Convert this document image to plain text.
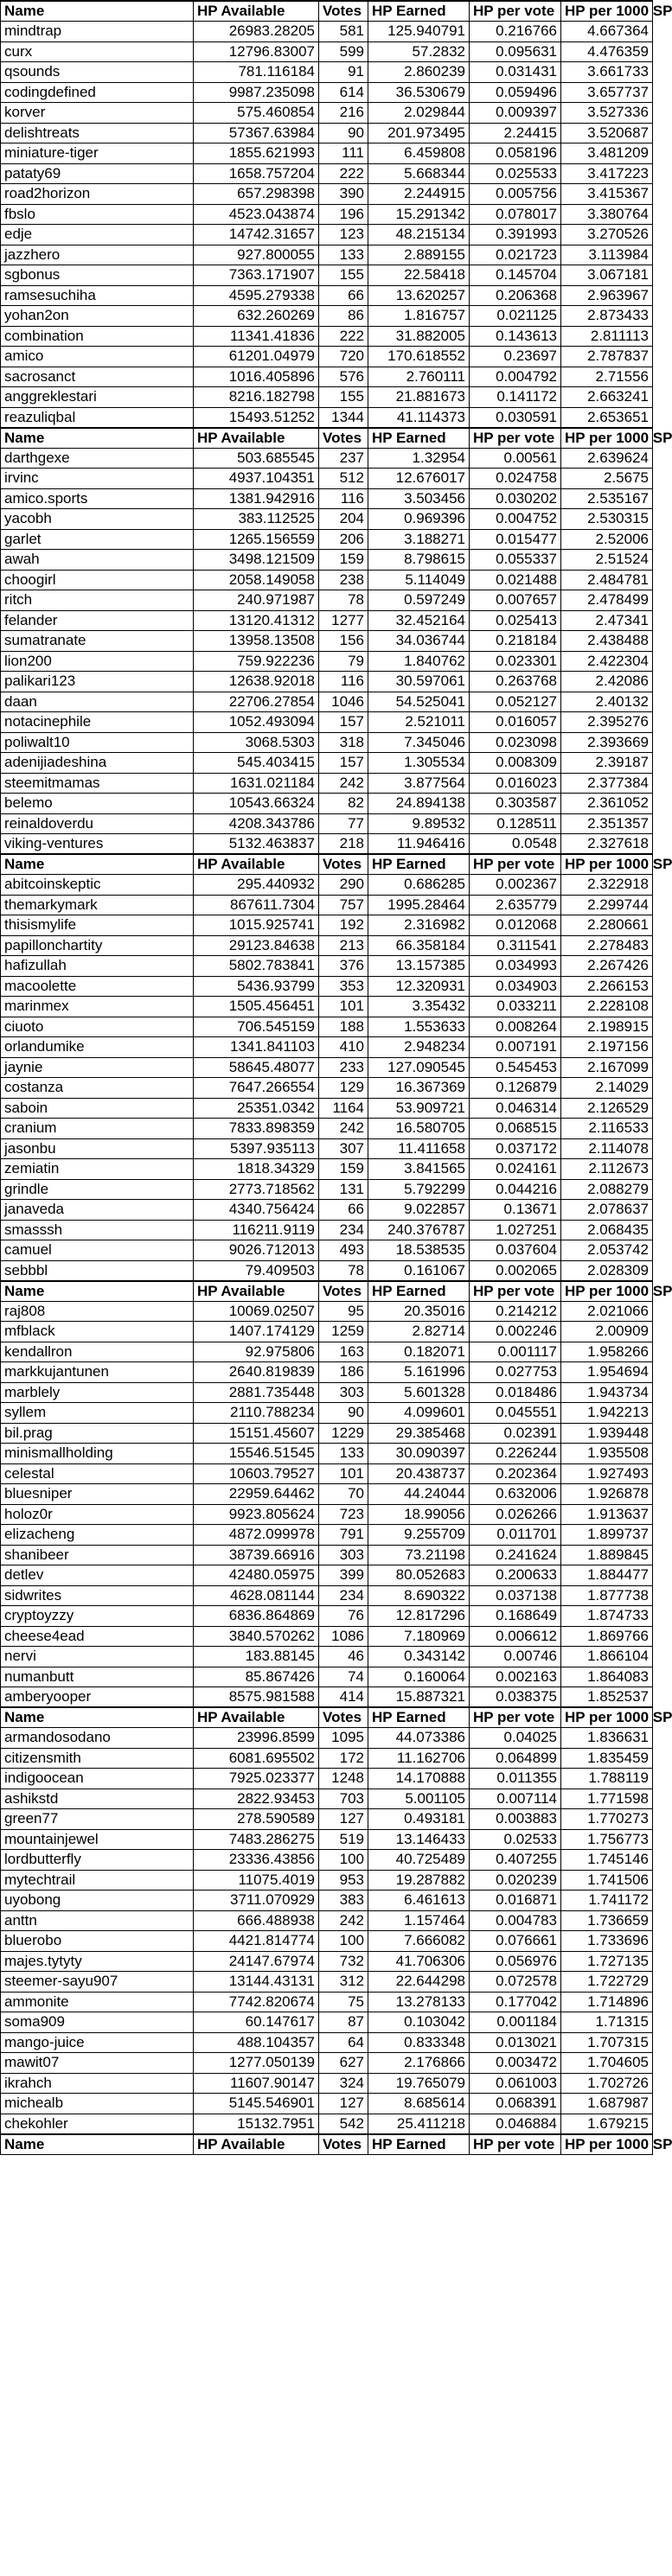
Name	HP Available	Votes	HP Earned	HP per vote	HP per 1000 SP
mindtrap	26983.28205	581	125.940791	0.216766	4.667364
curx	12796.83007	599	57.2832	0.095631	4.476359
qsounds	781.116184	91	2.860239	0.031431	3.661733
codingdefined	9987.235098	614	36.530679	0.059496	3.657737
korver	575.460854	216	2.029844	0.009397	3.527336
delishtreats	57367.63984	90	201.973495	2.24415	3.520687
miniature-tiger	1855.621993	111	6.459808	0.058196	3.481209
pataty69	1658.757204	222	5.668344	0.025533	3.417223
road2horizon	657.298398	390	2.244915	0.005756	3.415367
fbslo	4523.043874	196	15.291342	0.078017	3.380764
edje	14742.31657	123	48.215134	0.391993	3.270526
jazzhero	927.800055	133	2.889155	0.021723	3.113984
sgbonus	7363.171907	155	22.58418	0.145704	3.067181
ramsesuchiha	4595.279338	66	13.620257	0.206368	2.963967
yohan2on	632.260269	86	1.816757	0.021125	2.873433
combination	11341.41836	222	31.882005	0.143613	2.811113
amico	61201.04979	720	170.618552	0.23697	2.787837
sacrosanct	1016.405896	576	2.760111	0.004792	2.71556
anggreklestari	8216.182798	155	21.881673	0.141172	2.663241
reazuliqbal	15493.51252	1344	41.114373	0.030591	2.653651
Name	HP Available	Votes	HP Earned	HP per vote	HP per 1000 SP
darthgexe	503.685545	237	1.32954	0.00561	2.639624
irvinc	4937.104351	512	12.676017	0.024758	2.5675
amico.sports	1381.942916	116	3.503456	0.030202	2.535167
yacobh	383.112525	204	0.969396	0.004752	2.530315
garlet	1265.156559	206	3.188271	0.015477	2.52006
awah	3498.121509	159	8.798615	0.055337	2.51524
choogirl	2058.149058	238	5.114049	0.021488	2.484781
ritch	240.971987	78	0.597249	0.007657	2.478499
felander	13120.41312	1277	32.452164	0.025413	2.47341
sumatranate	13958.13508	156	34.036744	0.218184	2.438488
lion200	759.922236	79	1.840762	0.023301	2.422304
palikari123	12638.92018	116	30.597061	0.263768	2.42086
daan	22706.27854	1046	54.525041	0.052127	2.40132
notacinephile	1052.493094	157	2.521011	0.016057	2.395276
poliwalt10	3068.5303	318	7.345046	0.023098	2.393669
adenijiadeshina	545.403415	157	1.305534	0.008309	2.39187
steemitmamas	1631.021184	242	3.877564	0.016023	2.377384
belemo	10543.66324	82	24.894138	0.303587	2.361052
reinaldoverdu	4208.343786	77	9.89532	0.128511	2.351357
viking-ventures	5132.463837	218	11.946416	0.0548	2.327618
Name	HP Available	Votes	HP Earned	HP per vote	HP per 1000 SP
abitcoinskeptic	295.440932	290	0.686285	0.002367	2.322918
themarkymark	867611.7304	757	1995.28464	2.635779	2.299744
thisismylife	1015.925741	192	2.316982	0.012068	2.280661
papillonchartity	29123.84638	213	66.358184	0.311541	2.278483
hafizullah	5802.783841	376	13.157385	0.034993	2.267426
macoolette	5436.93799	353	12.320931	0.034903	2.266153
marinmex	1505.456451	101	3.35432	0.033211	2.228108
ciuoto	706.545159	188	1.553633	0.008264	2.198915
orlandumike	1341.841103	410	2.948234	0.007191	2.197156
jaynie	58645.48077	233	127.090545	0.545453	2.167099
costanza	7647.266554	129	16.367369	0.126879	2.14029
saboin	25351.0342	1164	53.909721	0.046314	2.126529
cranium	7833.898359	242	16.580705	0.068515	2.116533
jasonbu	5397.935113	307	11.411658	0.037172	2.114078
zemiatin	1818.34329	159	3.841565	0.024161	2.112673
grindle	2773.718562	131	5.792299	0.044216	2.088279
janaveda	4340.756424	66	9.022857	0.13671	2.078637
smasssh	116211.9119	234	240.376787	1.027251	2.068435
camuel	9026.712013	493	18.538535	0.037604	2.053742
sebbbl	79.409503	78	0.161067	0.002065	2.028309
Name	HP Available	Votes	HP Earned	HP per vote	HP per 1000 SP
raj808	10069.02507	95	20.35016	0.214212	2.021066
mfblack	1407.174129	1259	2.82714	0.002246	2.00909
kendallron	92.975806	163	0.182071	0.001117	1.958266
markkujantunen	2640.819839	186	5.161996	0.027753	1.954694
marblely	2881.735448	303	5.601328	0.018486	1.943734
syllem	2110.788234	90	4.099601	0.045551	1.942213
bil.prag	15151.45607	1229	29.385468	0.02391	1.939448
minismallholding	15546.51545	133	30.090397	0.226244	1.935508
celestal	10603.79527	101	20.438737	0.202364	1.927493
bluesniper	22959.64462	70	44.24044	0.632006	1.926878
holoz0r	9923.805624	723	18.99056	0.026266	1.913637
elizacheng	4872.099978	791	9.255709	0.011701	1.899737
shanibeer	38739.66916	303	73.21198	0.241624	1.889845
detlev	42480.05975	399	80.052683	0.200633	1.884477
sidwrites	4628.081144	234	8.690322	0.037138	1.877738
cryptoyzzy	6836.864869	76	12.817296	0.168649	1.874733
cheese4ead	3840.570262	1086	7.180969	0.006612	1.869766
nervi	183.88145	46	0.343142	0.00746	1.866104
numanbutt	85.867426	74	0.160064	0.002163	1.864083
amberyooper	8575.981588	414	15.887321	0.038375	1.852537
Name	HP Available	Votes	HP Earned	HP per vote	HP per 1000 SP
armandosodano	23996.8599	1095	44.073386	0.04025	1.836631
citizensmith	6081.695502	172	11.162706	0.064899	1.835459
indigoocean	7925.023377	1248	14.170888	0.011355	1.788119
ashikstd	2822.93453	703	5.001105	0.007114	1.771598
green77	278.590589	127	0.493181	0.003883	1.770273
mountainjewel	7483.286275	519	13.146433	0.02533	1.756773
lordbutterfly	23336.43856	100	40.725489	0.407255	1.745146
mytechtrail	11075.4019	953	19.287882	0.020239	1.741506
uyobong	3711.070929	383	6.461613	0.016871	1.741172
anttn	666.488938	242	1.157464	0.004783	1.736659
bluerobo	4421.814774	100	7.666082	0.076661	1.733696
majes.tytyty	24147.67974	732	41.706306	0.056976	1.727135
steemer-sayu907	13144.43131	312	22.644298	0.072578	1.722729
ammonite	7742.820674	75	13.278133	0.177042	1.714896
soma909	60.147617	87	0.103042	0.001184	1.71315
mango-juice	488.104357	64	0.833348	0.013021	1.707315
mawit07	1277.050139	627	2.176866	0.003472	1.704605
ikrahch	11607.90147	324	19.765079	0.061003	1.702726
michealb	5145.546901	127	8.685614	0.068391	1.687987
chekohler	15132.7951	542	25.411218	0.046884	1.679215
Name	HP Available	Votes	HP Earned	HP per vote	HP per 1000 SP
